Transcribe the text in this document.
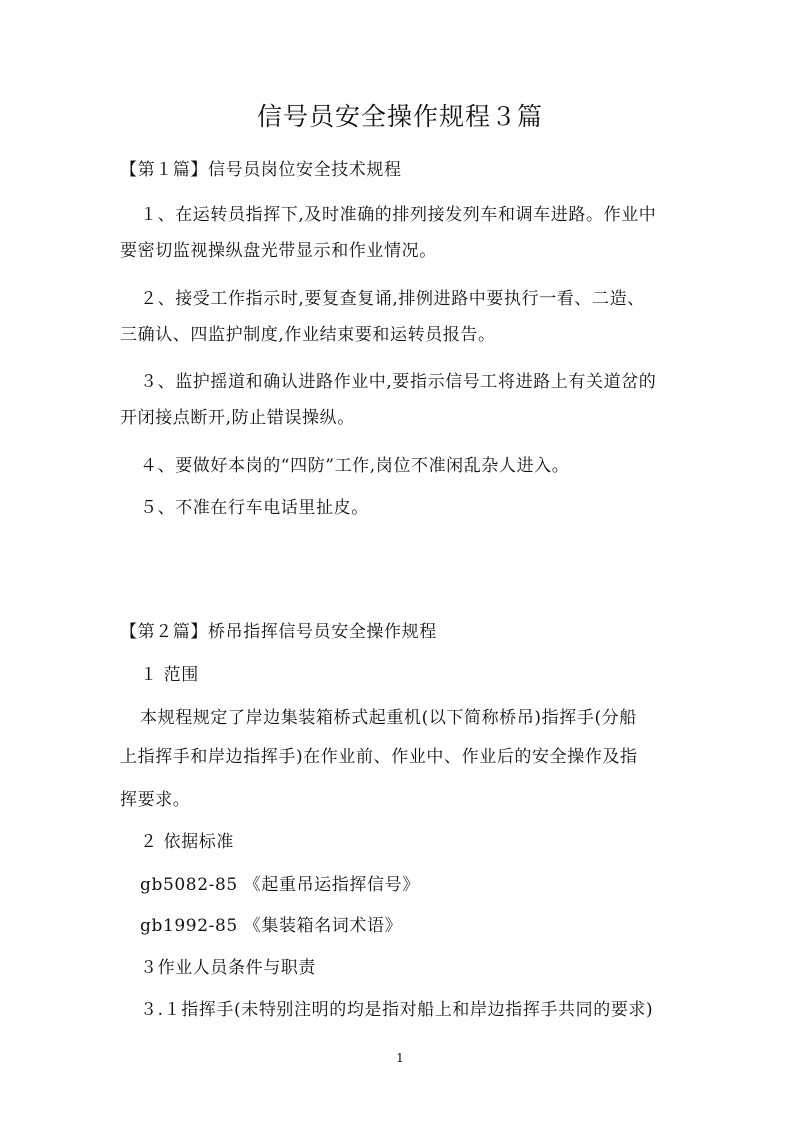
信号员安全操作规程３篇
【第１篇】信号员岗位安全技术规程
１、在运转员指挥下,及时准确的排列接发列车和调车进路。作业中
要密切监视操纵盘光带显示和作业情况。
２、接受工作指示时,要复查复诵,排例进路中要执行一看、二造、
三确认、四监护制度,作业结束要和运转员报告。
３、监护摇道和确认进路作业中,要指示信号工将进路上有关道岔的
开闭接点断开,防止错误操纵。
４、要做好本岗的“四防”工作,岗位不准闲乱杂人进入。
５、不准在行车电话里扯皮。
【第２篇】桥吊指挥信号员安全操作规程
１ 范围
本规程规定了岸边集装箱桥式起重机(以下简称桥吊)指挥手(分船
上指挥手和岸边指挥手)在作业前、作业中、作业后的安全操作及指
挥要求。
２ 依据标准
gb5082-85 《起重吊运指挥信号》
gb1992-85 《集装箱名词术语》
３作业人员条件与职责
３.１指挥手(未特别注明的均是指对船上和岸边指挥手共同的要求)
1
